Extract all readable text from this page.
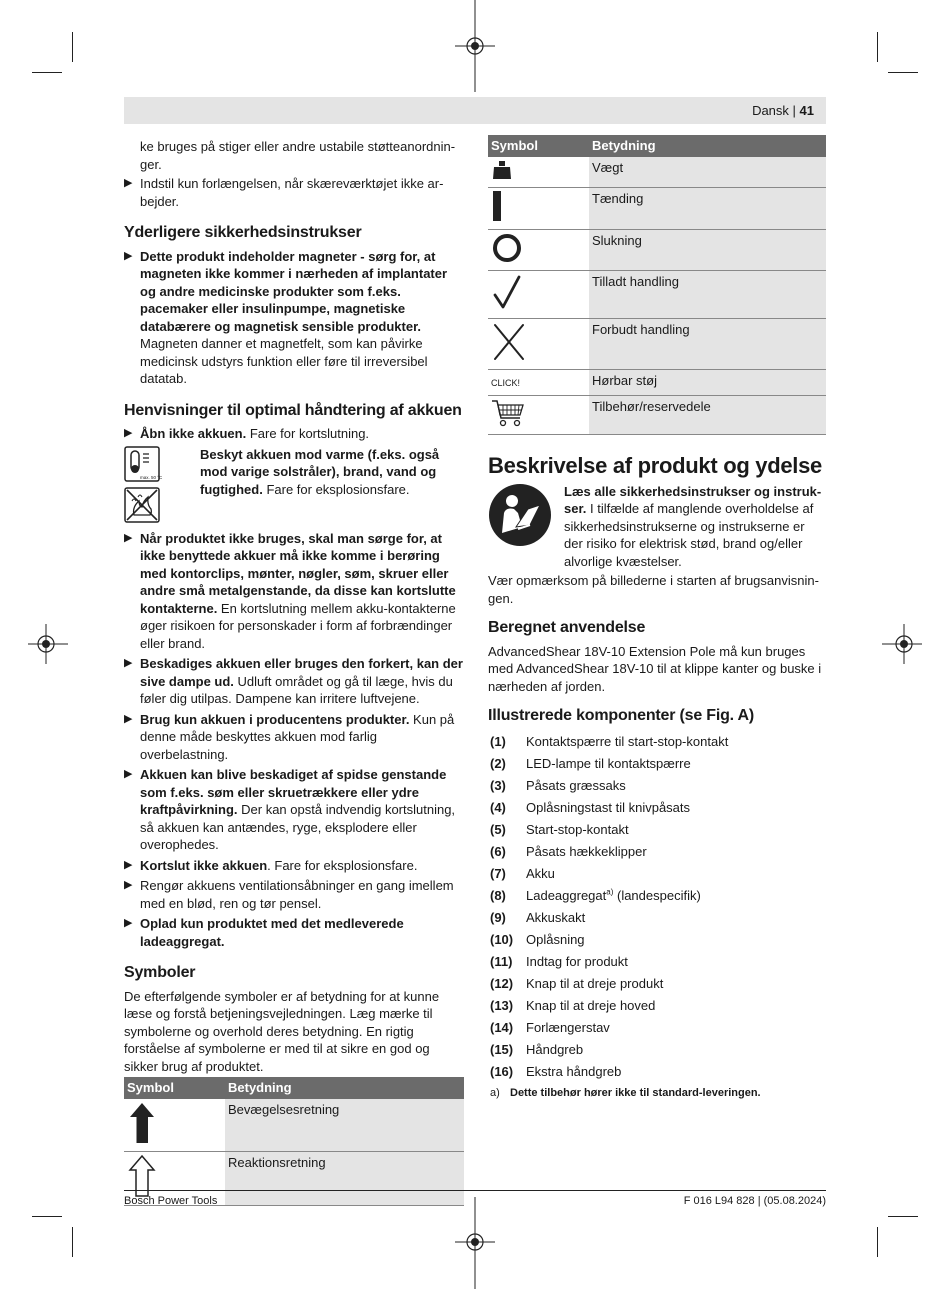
Dansk | 41

ke bruges på stiger eller andre ustabile støtteanordninger.

▶ Indstil kun forlængelsen, når skæreværktøjet ikke arbejder.
Yderligere sikkerhedsinstrukser
▶ Dette produkt indeholder magneter - sørg for, at magneten ikke kommer i nærheden af implantater og andre medicinske produkter som f.eks. pacemaker eller insulinpumpe, magnetiske databærere og magnetisk sensible produkter. Magneten danner et magnetfelt, som kan påvirke medicinsk udstyrs funktion eller føre til irreversibel datatab.
Henvisninger til optimal håndtering af akkuen
▶ Åbn ikke akkuen. Fare for kortslutning.
max. 50 °C
Beskyt akkuen mod varme (f.eks. også mod varige solstråler), brand, vand og fugtighed. Fare for eksplosionsfare.
▶ Når produktet ikke bruges, skal man sørge for, at ikke benyttede akkuer må ikke komme i berøring med kontorclips, mønter, nøgler, søm, skruer eller andre små metalgenstande, da disse kan kortslutte kontakterne. En kortslutning mellem akku-kontakterne øger risikoen for personskader i form af forbrændinger eller brand.
▶ Beskadiges akkuen eller bruges den forkert, kan der sive dampe ud. Udluft området og gå til læge, hvis du føler dig utilpas. Dampene kan irritere luftvejene.
▶ Brug kun akkuen i producentens produkter. Kun på denne måde beskyttes akkuen mod farlig overbelastning.
▶ Akkuen kan blive beskadiget af spidse genstande som f.eks. søm eller skruetrækkere eller ydre kraftpåvirkning. Der kan opstå indvendig kortslutning, så akkuen kan antændes, ryge, eksplodere eller overophedes.
▶ Kortslut ikke akkuen. Fare for eksplosionsfare.
▶ Rengør akkuens ventilationsåbninger en gang imellem med en blød, ren og tør pensel.
▶ Oplad kun produktet med det medleverede ladeaggregat.
Symboler

De efterfølgende symboler er af betydning for at kunne læse og forstå betjeningsvejledningen. Læg mærke til symbolerne og overhold deres betydning. En rigtig forståelse af symbolerne er med til at sikre en god og sikker brug af produktet.

Symbol	Betydning
	Bevægelsesretning
	Reaktionsretning
Symbol	Betydning
	Vægt
	Tænding
	Slukning
	Tilladt handling
	Forbudt handling
CLICK!	Hørbar støj
	Tilbehør/reservedele
Beskrivelse af produkt og ydelse
Læs alle sikkerhedsinstrukser og instrukser. I tilfælde af manglende overholdelse af sikkerhedsinstrukserne og instrukserne er der risiko for elektrisk stød, brand og/eller alvorlige kvæstelser.

Vær opmærksom på billederne i starten af brugsanvisningen.

Beregnet anvendelse

AdvancedShear 18V-10 Extension Pole må kun bruges med AdvancedShear 18V-10 til at klippe kanter og buske i nærheden af jorden.

Illustrerede komponenter (se Fig. A)
(1)	Kontaktspærre til start-stop-kontakt
(2)	LED-lampe til kontaktspærre
(3)	Påsats græssaks
(4)	Oplåsningstast til knivpåsats
(5)	Start-stop-kontakt
(6)	Påsats hækkeklipper
(7)	Akku
(8)	Ladeaggregat$^{a)}$ (landespecifik)
(9)	Akkuskakt
(10) Oplåsning
(11)	Indtag for produkt
(12) Knap til at dreje produkt
(13) Knap til at dreje hoved
(14) Forlængerstav
(15) Håndgreb
(16) Ekstra håndgreb
a) Dette tilbehør hører ikke til standard-leveringen.
Bosch Power Tools	F 016 L94 828 | (05.08.2024)
